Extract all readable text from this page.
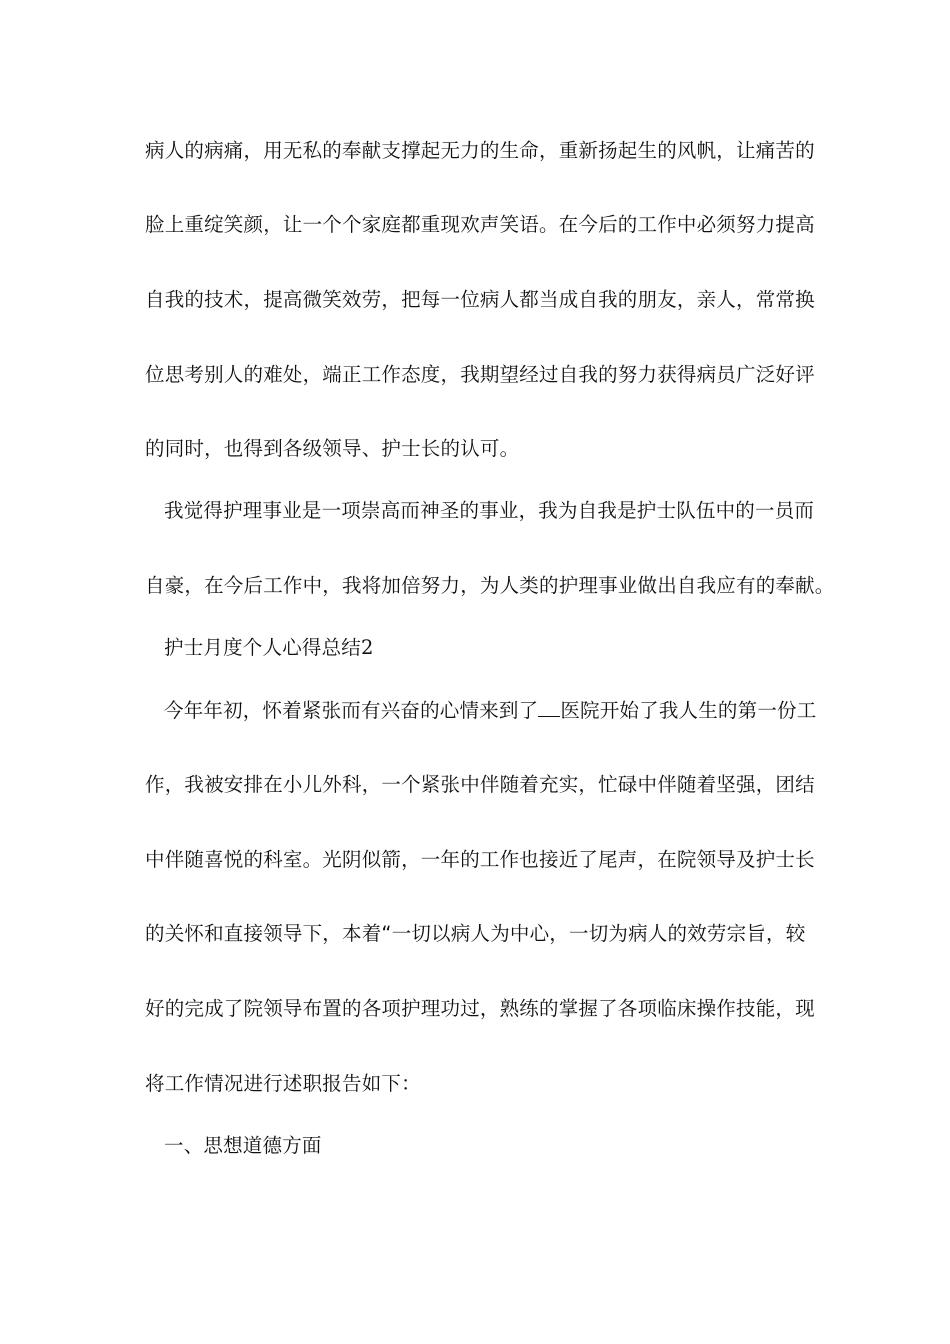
病人的病痛，用无私的奉献支撑起无力的生命，重新扬起生的风帆，让痛苦的
脸上重绽笑颜，让一个个家庭都重现欢声笑语。在今后的工作中必须努力提高
自我的技术，提高微笑效劳，把每一位病人都当成自我的朋友，亲人，常常换
位思考别人的难处，端正工作态度，我期望经过自我的努力获得病员广泛好评
的同时，也得到各级领导、护士长的认可。
我觉得护理事业是一项崇高而神圣的事业，我为自我是护士队伍中的一员而
自豪，在今后工作中，我将加倍努力，为人类的护理事业做出自我应有的奉献。
护士月度个人心得总结2
今年年初，怀着紧张而有兴奋的心情来到了 医院开始了我人生的第一份工
作，我被安排在小儿外科，一个紧张中伴随着充实，忙碌中伴随着坚强，团结
中伴随喜悦的科室。光阴似箭，一年的工作也接近了尾声，在院领导及护士长
的关怀和直接领导下，本着“一切以病人为中心，一切为病人的效劳宗旨，较
好的完成了院领导布置的各项护理功过，熟练的掌握了各项临床操作技能，现
将工作情况进行述职报告如下：
一、思想道德方面
